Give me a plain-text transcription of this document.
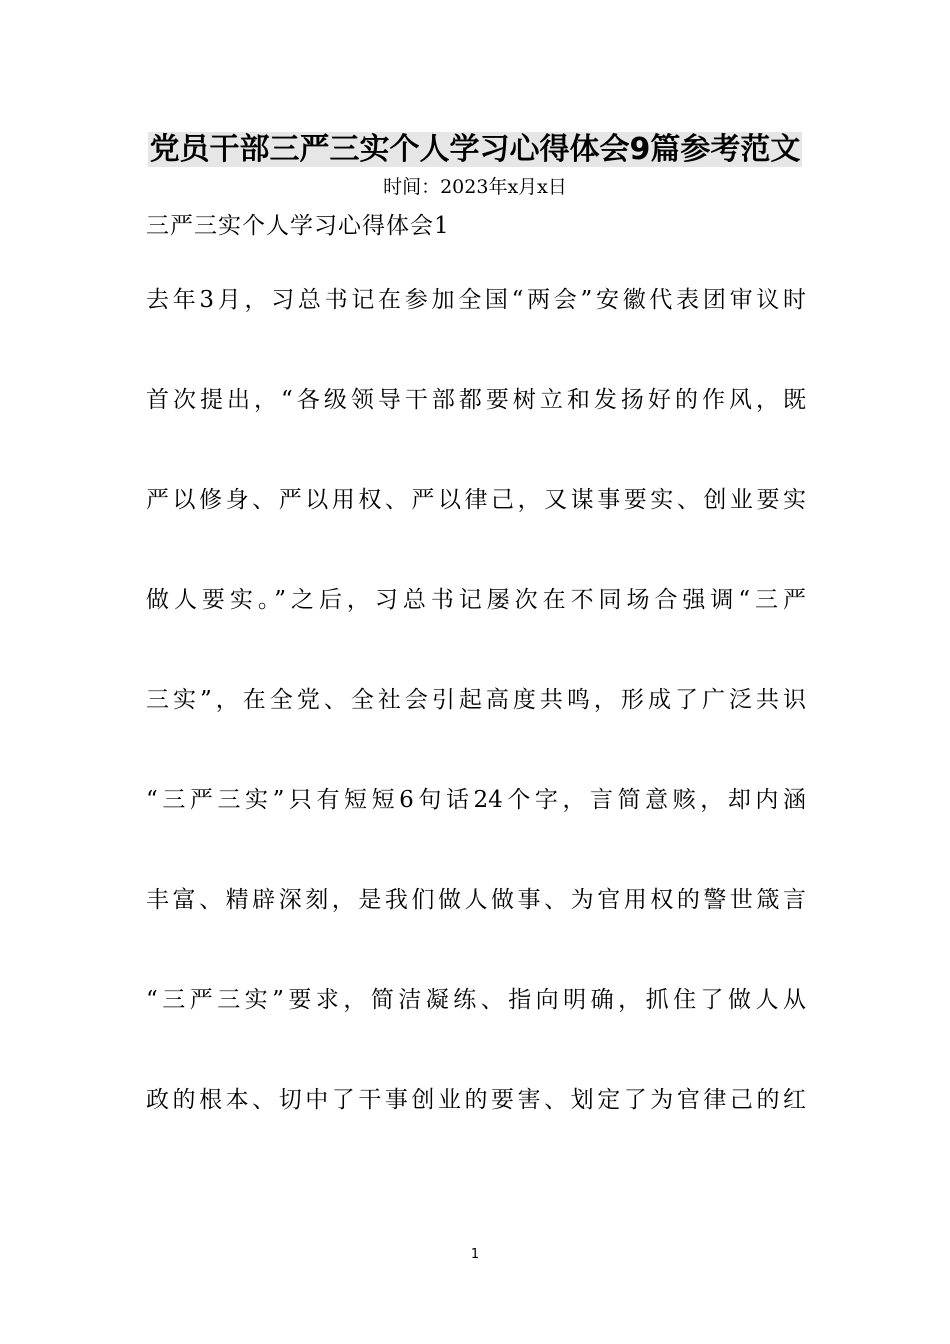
党员干部三严三实个人学习心得体会9篇参考范文
时间：2023年x月x日
三严三实个人学习心得体会1
去年3月，习总书记在参加全国“两会”安徽代表团审议时
首次提出，“各级领导干部都要树立和发扬好的作风，既
严以修身、严以用权、严以律己，又谋事要实、创业要实
做人要实。”之后，习总书记屡次在不同场合强调“三严
三实”，在全党、全社会引起高度共鸣，形成了广泛共识
“三严三实”只有短短6句话24个字，言简意赅，却内涵
丰富、精辟深刻，是我们做人做事、为官用权的警世箴言
“三严三实”要求，简洁凝练、指向明确，抓住了做人从
政的根本、切中了干事创业的要害、划定了为官律己的红
1
